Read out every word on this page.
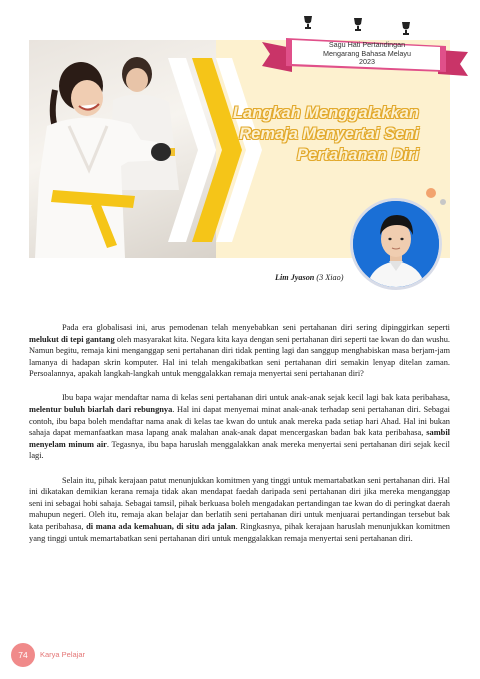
Sagu Hati Pertandingan
Mengarang Bahasa Melayu
2023
Langkah Menggalakkan
Remaja Menyertai Seni
Pertahanan Diri
Lim Jyason (3 Xiao)

Pada era globalisasi ini, arus pemodenan telah menyebabkan seni pertahanan diri sering dipinggirkan seperti melukut di tepi gantang oleh masyarakat kita. Negara kita kaya dengan seni pertahanan diri seperti tae kwan do dan wushu. Namun begitu, remaja kini menganggap seni pertahanan diri tidak penting lagi dan sanggup menghabiskan masa berjam-jam lamanya di hadapan skrin komputer. Hal ini telah mengakibatkan seni pertahanan diri semakin lenyap ditelan zaman. Persoalannya, apakah langkah-langkah untuk menggalakkan remaja menyertai seni pertahanan diri?

Ibu bapa wajar mendaftar nama di kelas seni pertahanan diri untuk anak-anak sejak kecil lagi bak kata peribahasa, melentur buluh biarlah dari rebungnya. Hal ini dapat menyemai minat anak-anak terhadap seni pertahanan diri. Sebagai contoh, ibu bapa boleh mendaftar nama anak di kelas tae kwan do untuk anak mereka pada setiap hari Ahad. Hal ini bukan sahaja dapat memanfaatkan masa lapang anak malahan anak-anak dapat mencergaskan badan bak kata peribahasa, sambil menyelam minum air. Tegasnya, ibu bapa haruslah menggalakkan anak mereka menyertai seni pertahanan diri sejak kecil lagi.

Selain itu, pihak kerajaan patut menunjukkan komitmen yang tinggi untuk memartabatkan seni pertahanan diri. Hal ini dikatakan demikian kerana remaja tidak akan mendapat faedah daripada seni pertahanan diri jika mereka menganggap seni ini sebagai hobi sahaja. Sebagai tamsil, pihak berkuasa boleh mengadakan pertandingan tae kwan do di peringkat daerah mahupun negeri. Oleh itu, remaja akan belajar dan berlatih seni pertahanan diri untuk menjuarai pertandingan tersebut bak kata peribahasa, di mana ada kemahuan, di situ ada jalan. Ringkasnya, pihak kerajaan haruslah menunjukkan komitmen yang tinggi untuk memartabatkan seni pertahanan diri untuk menggalakkan remaja menyertai seni pertahanan diri.

74	Karya Pelajar
